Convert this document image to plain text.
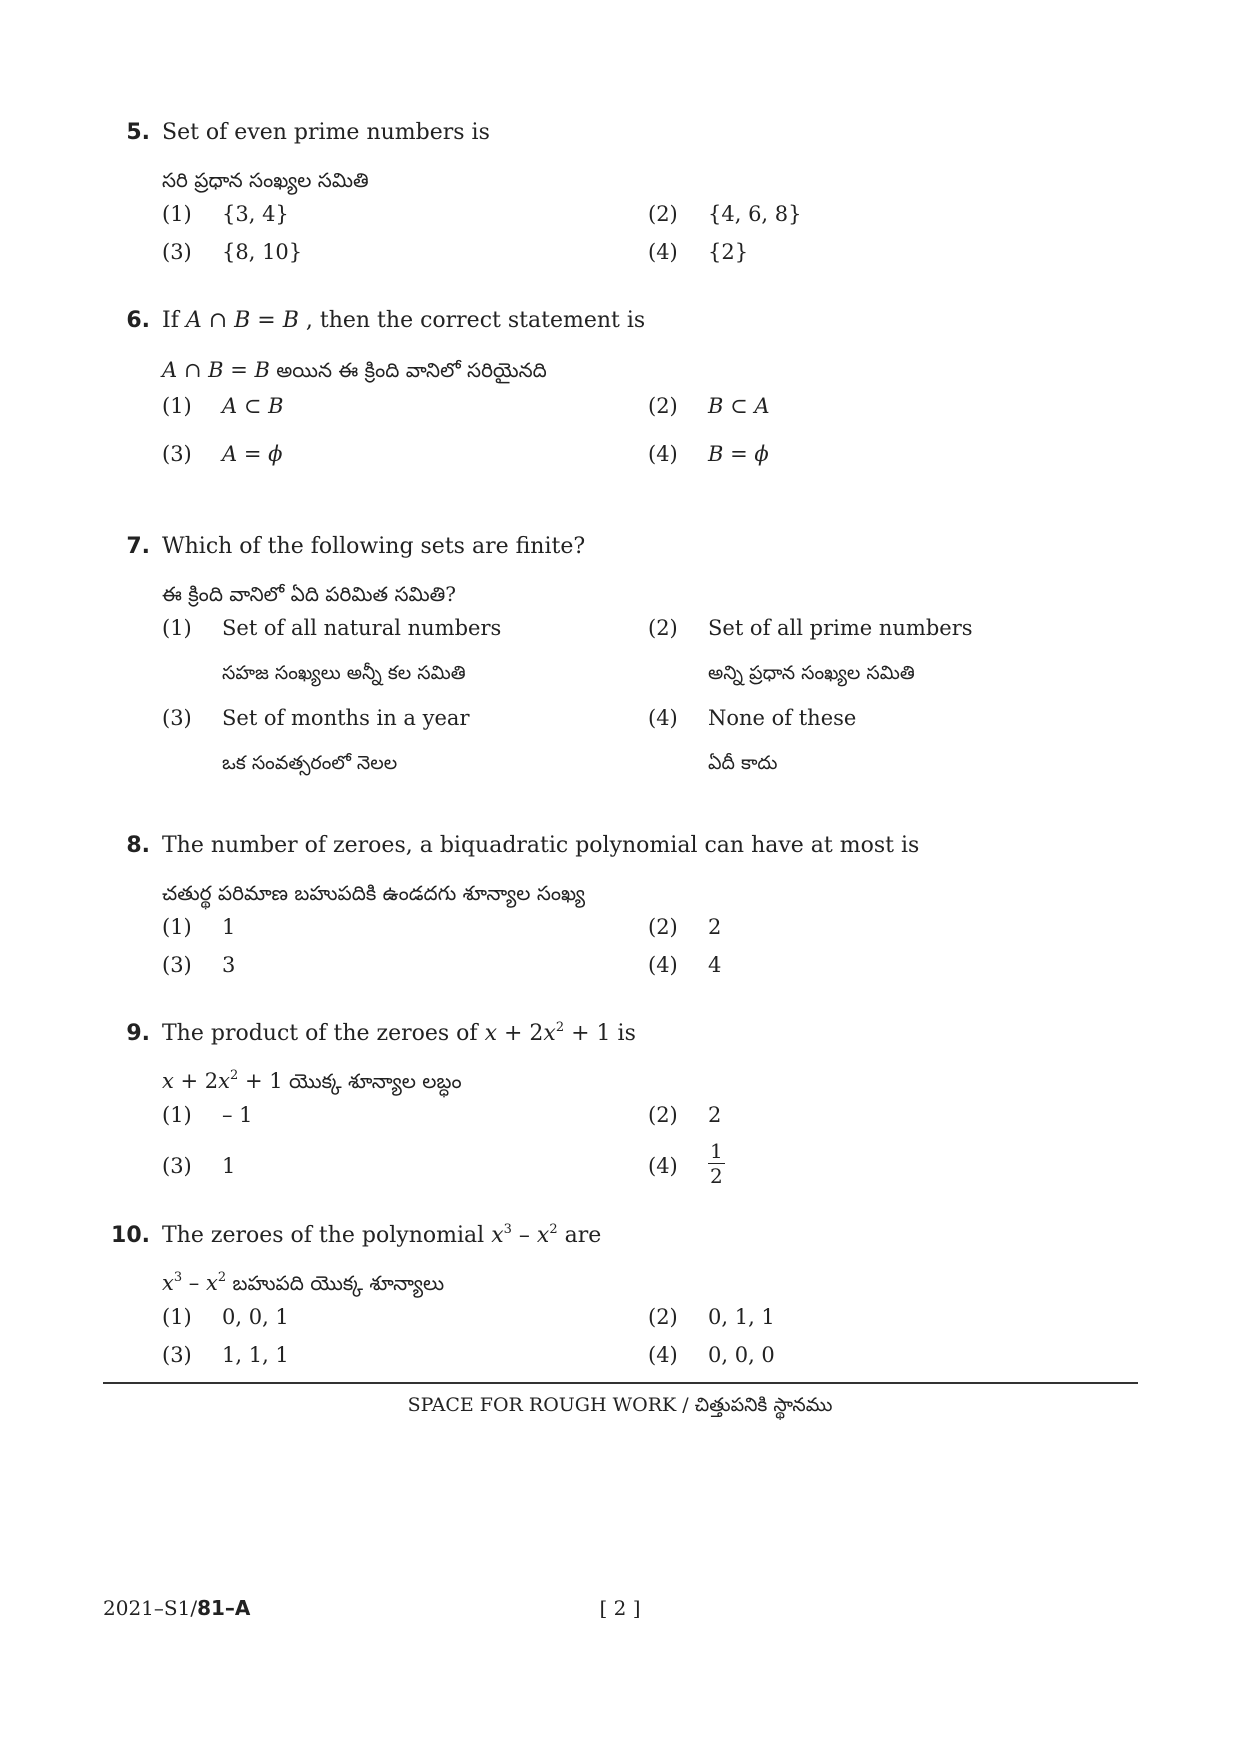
5. Set of even prime numbers is
సరి ప్రధాన సంఖ్యల సమితి
(1) {3, 4}	(2) {4, 6, 8}
(3) {8, 10}	(4) {2}
6. If A ∩ B = B , then the correct statement is
A ∩ B = B అయిన ఈ క్రింది వానిలో సరియైనది
(1) A ⊂ B	(2) B ⊂ A
(3) A = ϕ	(4) B = ϕ
7. Which of the following sets are finite?
ఈ క్రింది వానిలో ఏది పరిమిత సమితి?
(1) Set of all natural numbers
సహజ సంఖ్యలు అన్నీ కల సమితి
(2) Set of all prime numbers
అన్ని ప్రధాన సంఖ్యల సమితి
(3) Set of months in a year
ఒక సంవత్సరంలో నెలల
(4) None of these
ఏదీ కాదు
8. The number of zeroes, a biquadratic polynomial can have at most is
చతుర్థ పరిమాణ బహుపదికి ఉండదగు శూన్యాల సంఖ్య
(1) 1	(2) 2
(3) 3	(4) 4
9. The product of the zeroes of $x + 2x^2 + 1$ is
$x + 2x^2 + 1$ యొక్క శూన్యాల లబ్ధం
(1) – 1	(2) 2
(3) 1	$(4) \frac{1}{2}$
10. The zeroes of the polynomial $x^3 - x^2$ are
$x^3 - x^2$ బహుపది యొక్క శూన్యాలు
(1) 0, 0, 1	(2) 0, 1, 1
(3) 1, 1, 1	(4) 0, 0, 0
SPACE FOR ROUGH WORK / చిత్తుపనికి స్థానము
2021–S1/81–A	[ 2 ]
